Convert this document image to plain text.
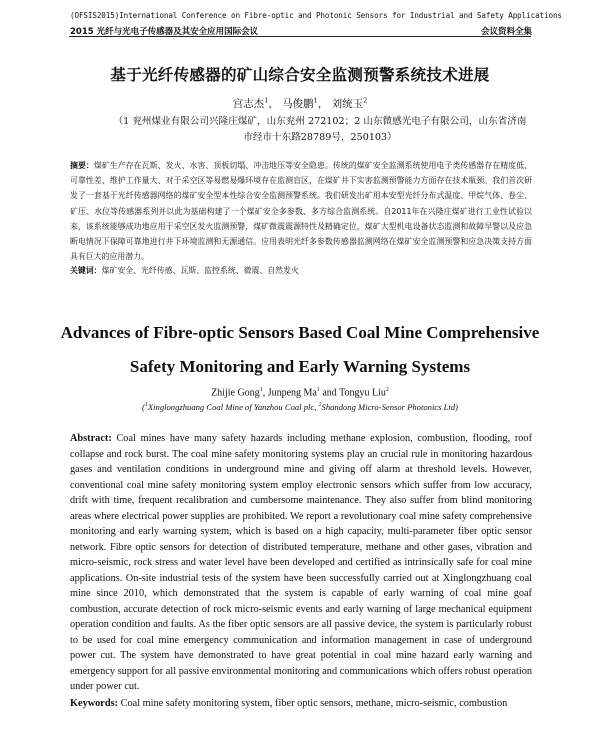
(OFSIS2015)International Conference on Fibre-optic and Photonic Sensors for Industrial and Safety Applications
2015 光纤与光电子传感器及其安全应用国际会议	会议资料全集
基于光纤传感器的矿山综合安全监测预警系统技术进展
宫志杰$^1$， 马俊鹏$^1$， 刘统玉$^2$
（1 兖州煤业有限公司兴隆庄煤矿，山东兖州 272102；2 山东微感光电子有限公司，山东省济南市经市十东路28789号，250103）
摘要：煤矿生产存在瓦斯、发火、水害、顶板切塌、冲击地压等安全隐患。传统的煤矿安全监测系统使用电子类传感器存在精度低、可靠性差、维护工作量大、对于采空区等易燃易爆环境存在监测盲区，在煤矿井下实害监测预警能力方面存在技术瓶颈。我们首次研发了一套基于光纤传感器网络的煤矿安全型本性综合安全监测预警系统。我们研发出矿用本安型光纤分布式温度、甲烷气体、卷尘、矿压、水位等传感器系列并以此为基础构建了一个煤矿安全多参数、多方综合监测系统。自2011年在兴隆庄煤矿进行工业性试验以来，该系统能够成功地应用于采空区发火监测预警，煤矿微震震源特性及精确定位，煤矿大型机电设备状态监测和故障早警以及应急断电情况下保障可靠地进行井下环境监测和无源通信。应用表明光纤多参数传感器监测网络在煤矿安全监测预警和应急决策支持方面具有巨大的应用潜力。
关键词：煤矿安全、光纤传感、瓦斯、监控系统、微震、自然发火
Advances of Fibre-optic Sensors Based Coal Mine Comprehensive
Safety Monitoring and Early Warning Systems
Zhijie Gong$^1$, Junpeng Ma$^1$ and Tongyu Liu$^2$
($^1$Xinglongzhuang Coal Mine of Yanzhou Coal plc, $^2$Shandong Micro-Sensor Photonics Ltd)
Abstract: Coal mines have many safety hazards including methane explosion, combustion, flooding, roof collapse and rock burst. The coal mine safety monitoring systems play an crucial rule in monitoring hazardous gases and ventilation conditions in underground mine and giving off alarm at threshold levels. However, conventional coal mine safety monitoring system employ electronic sensors which suffer from low accuracy, drift with time, frequent recalibration and cumbersome maintenance. They also suffer from blind monitoring areas where electrical power supplies are prohibited. We report a revolutionary coal mine safety comprehensive monitoring and early warning system, which is based on a high capacity, multi-parameter fiber optic sensor network. Fibre optic sensors for detection of distributed temperature, methane and other gases, vibration and micro-seismic, rock stress and water level have been developed and certified as intrinsically safe for coal mine applications. On-site industrial tests of the system have been successfully carried out at Xinglongzhuang coal mine since 2010, which demonstrated that the system is capable of early warning of coal mine goaf combustion, accurate detection of rock micro-seismic events and early warning of large mechanical equipment operation condition and faults. As the fiber optic sensors are all passive device, the system is particularly robust to be used for coal mine emergency communication and information management in case of underground power cut. The system have demonstrated to have great potential in coal mine hazard early warning and emergency support for all passive environmental monitoring and communications which offers robust operation under power cut.
Keywords: Coal mine safety monitoring system, fiber optic sensors, methane, micro-seismic, combustion
